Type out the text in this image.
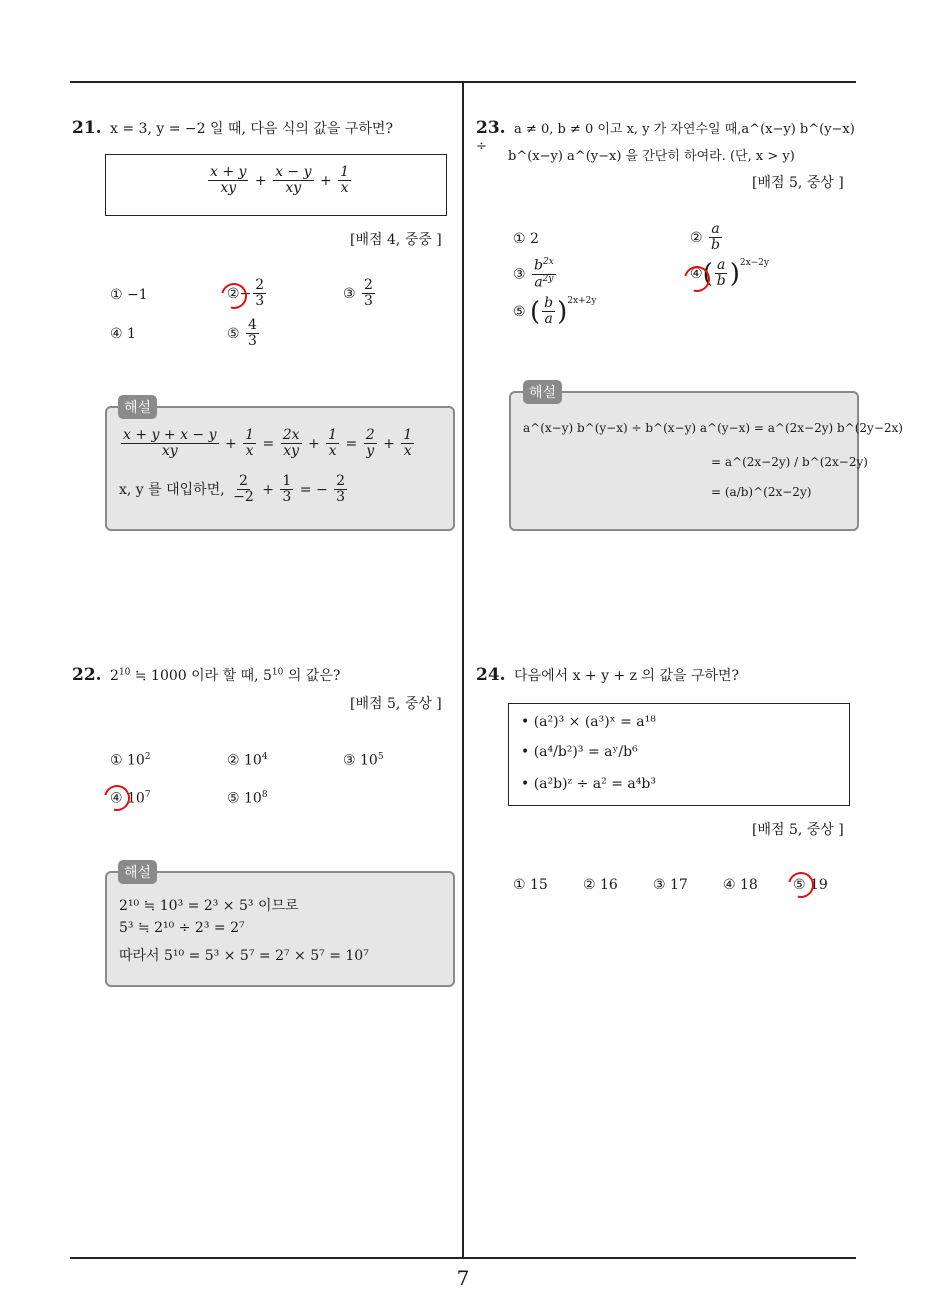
7
21. x = 3, y = −2 일 때, 다음 식의 값을 구하면?
$\frac{x + y}{xy} + \frac{x - y}{xy} + \frac{1}{x}$
[배점 4, 중중 ]
① −1	②− $\frac{2}{3}$	③ $\frac{2}{3}$
④ 1	⑤ $\frac{4}{3}$
$\frac{x + y + x - y}{xy} + \frac{1}{x} = \frac{2x}{xy} + \frac{1}{x} = \frac{2}{y} + \frac{1}{x}$
x, y 를 대입하면, $\frac{2}{-2} + \frac{1}{3}$ = − $\frac{2}{3}$
해설
22. $2^{10}$ ≒ 1000 이라 할 때, $5^{10}$ 의 값은?
[배점 5, 중상 ]
① $10^2$	② $10^4$	③ $10^5$
④ $10^7$	⑤ $10^8$
2¹⁰ ≒ 10³ = 2³ × 5³ 이므로
5³ ≒ 2¹⁰ ÷ 2³ = 2⁷
따라서 5¹⁰ = 5³ × 5⁷ = 2⁷ × 5⁷ = 10⁷
해설
23. a ≠ 0, b ≠ 0 이고 x, y 가 자연수일 때,a^(x−y) b^(y−x) ÷
b^(x−y) a^(y−x) 을 간단히 하여라. (단, x > y)
[배점 5, 중상 ]
① 2	② $\frac{a}{b}$
③ $\frac{b^{2x}}{a^{2y}}$	④( $\frac{a}{b} )^{2x-2y}$
⑤ ( $\frac{b}{a} )^{2x+2y}$
a^(x−y) b^(y−x) ÷ b^(x−y) a^(y−x) = a^(2x−2y) b^(2y−2x)
= a^(2x−2y) / b^(2x−2y)
= (a/b)^(2x−2y)
해설
24. 다음에서 x + y + z 의 값을 구하면?
• (a²)³ × (a³)ˣ = a¹⁸
• (a⁴/b²)³ = aʸ/b⁶
• (a²b)ᶻ ÷ a² = a⁴b³
[배점 5, 중상 ]
① 15	② 16	③ 17	④ 18	⑤ 19
